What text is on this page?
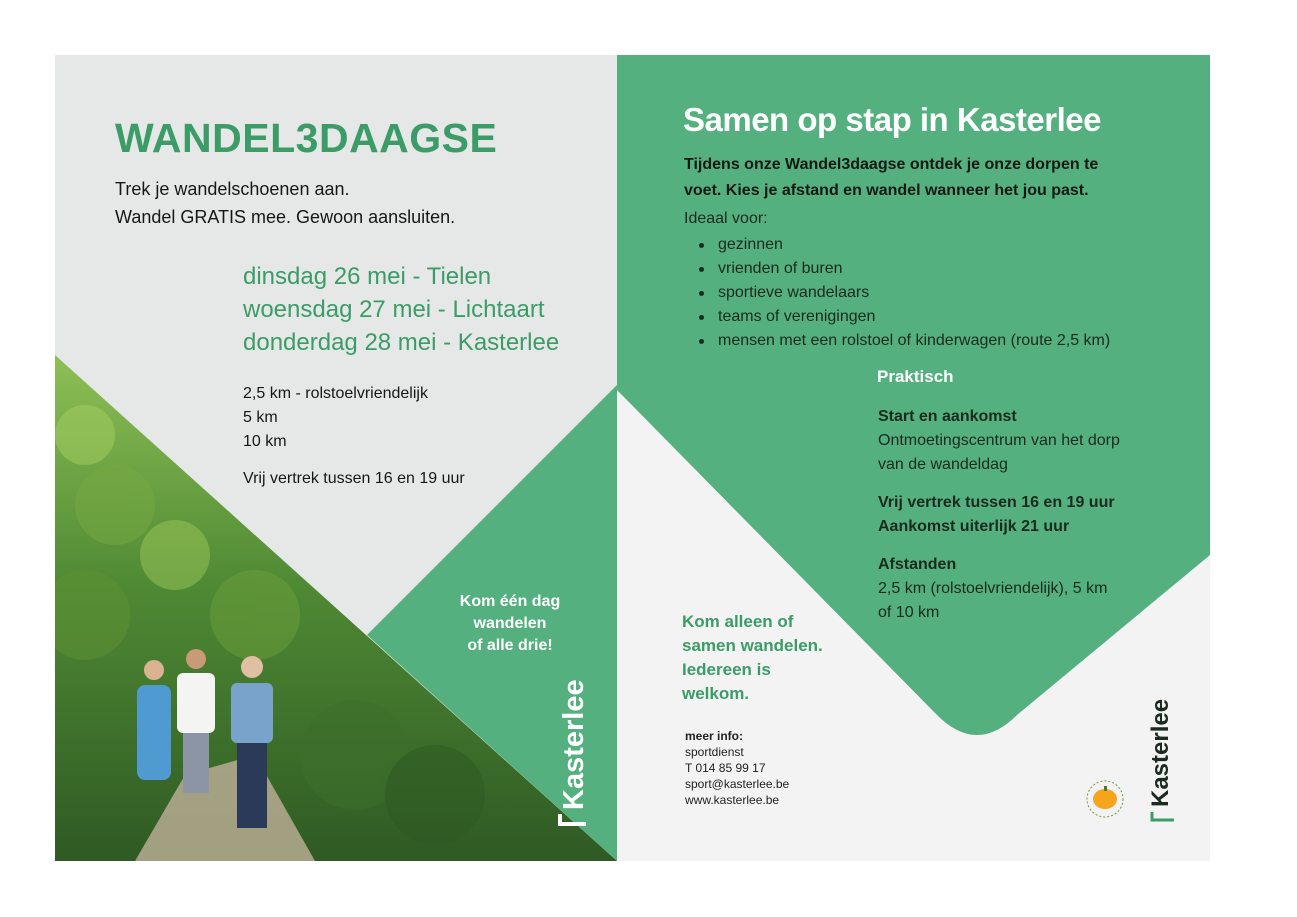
WANDEL3DAAGSE
Trek je wandelschoenen aan.
Wandel GRATIS mee. Gewoon aansluiten.
dinsdag 26 mei - Tielen
woensdag 27 mei - Lichtaart
donderdag 28 mei - Kasterlee
2,5 km - rolstoelvriendelijk
5 km
10 km
Vrij vertrek tussen 16 en 19 uur
Kom één dag
wandelen
of alle drie!
Kasterlee
Samen op stap in Kasterlee
Tijdens onze Wandel3daagse ontdek je onze dorpen te
voet. Kies je afstand en wandel wanneer het jou past.
Ideaal voor:
gezinnen
vrienden of buren
sportieve wandelaars
teams of verenigingen
mensen met een rolstoel of kinderwagen (route 2,5 km)
Praktisch
Start en aankomst
Ontmoetingscentrum van het dorp
van de wandeldag
Vrij vertrek tussen 16 en 19 uur
Aankomst uiterlijk 21 uur
Afstanden
2,5 km (rolstoelvriendelijk), 5 km
of 10 km
Kom alleen of
samen wandelen.
Iedereen is
welkom.
meer info:
sportdienst
T 014 85 99 17
sport@kasterlee.be
www.kasterlee.be	Kasterlee
